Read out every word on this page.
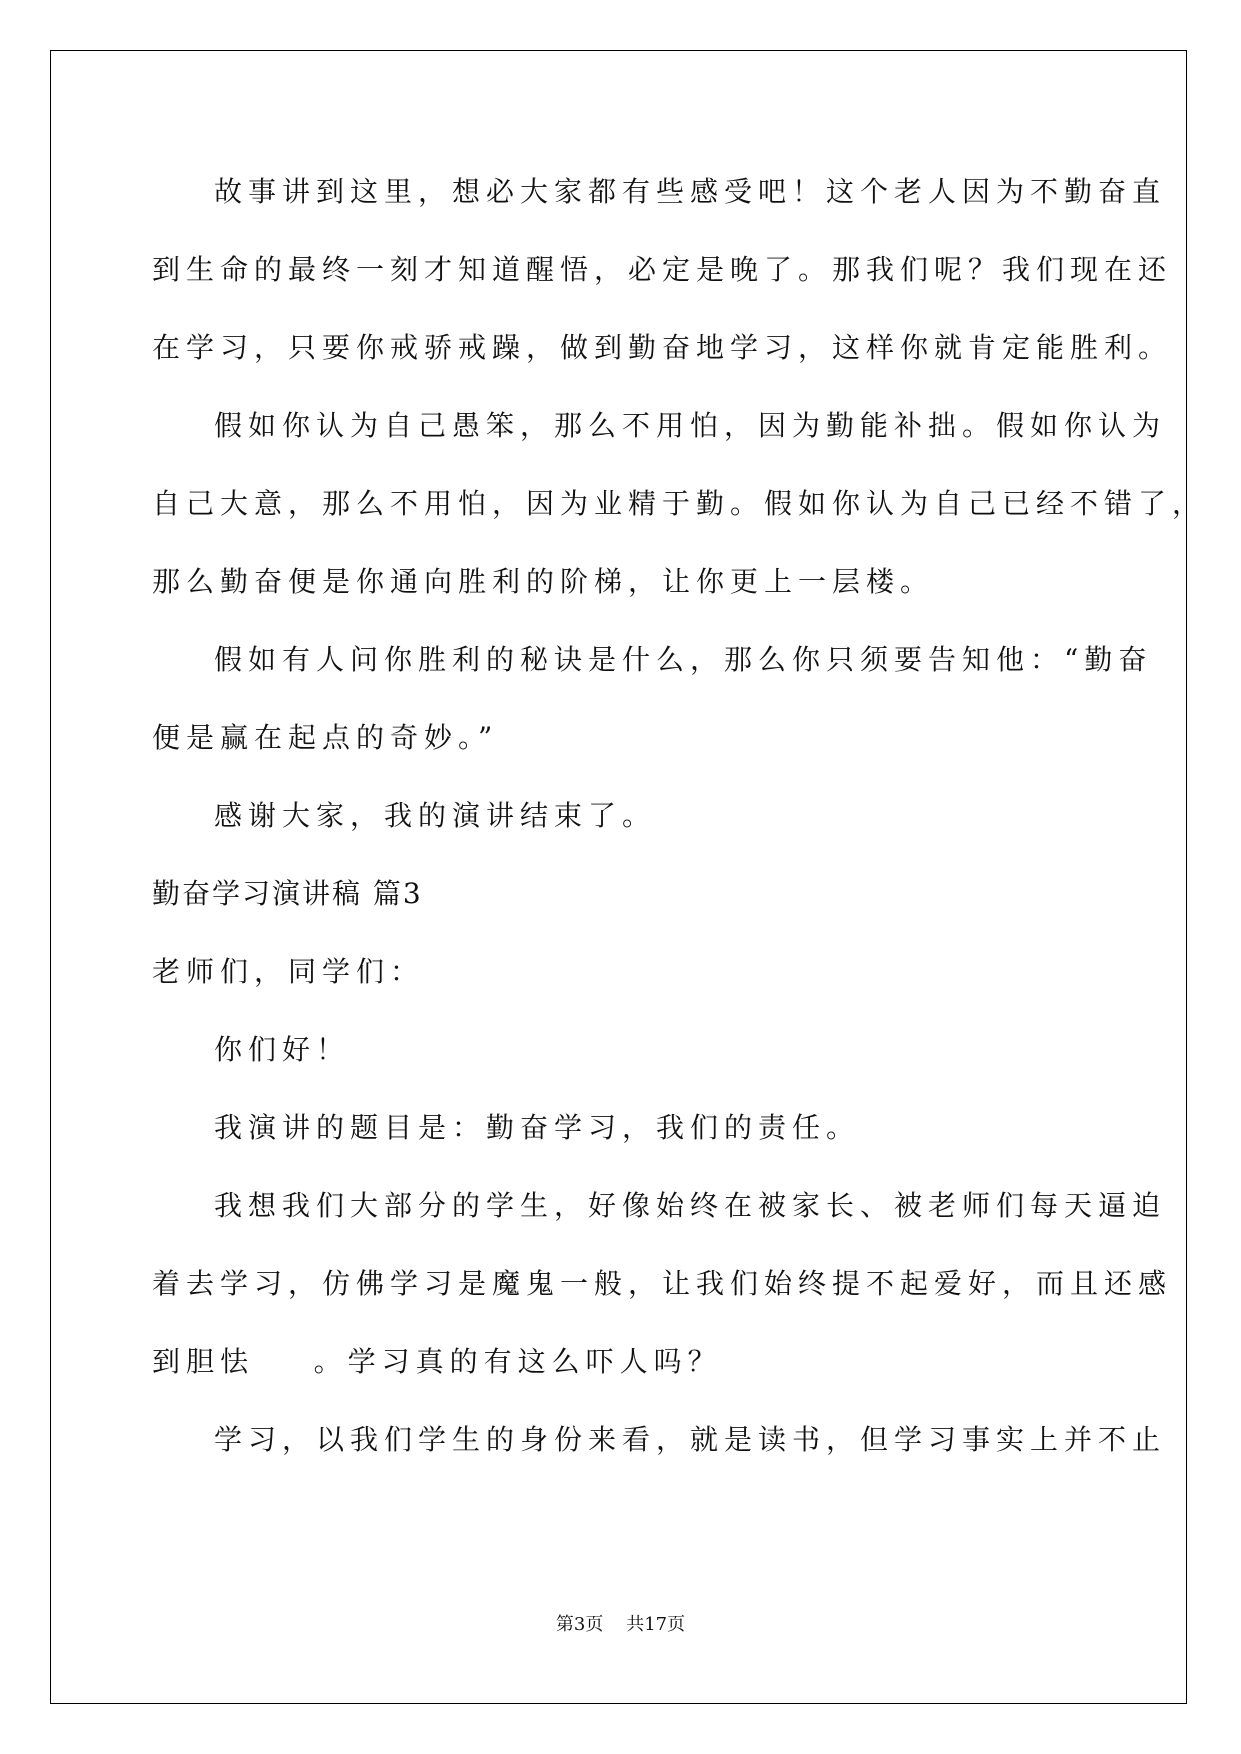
故事讲到这里，想必大家都有些感受吧！这个老人因为不勤奋直
到生命的最终一刻才知道醒悟，必定是晚了。那我们呢？我们现在还
在学习，只要你戒骄戒躁，做到勤奋地学习，这样你就肯定能胜利。
假如你认为自己愚笨，那么不用怕，因为勤能补拙。假如你认为
自己大意，那么不用怕，因为业精于勤。假如你认为自己已经不错了，
那么勤奋便是你通向胜利的阶梯，让你更上一层楼。
假如有人问你胜利的秘诀是什么，那么你只须要告知他：“勤奋
便是赢在起点的奇妙。”
感谢大家，我的演讲结束了。
勤奋学习演讲稿 篇3
老师们，同学们：
你们好！
我演讲的题目是：勤奋学习，我们的责任。
我想我们大部分的学生，好像始终在被家长、被老师们每天逼迫
着去学习，仿佛学习是魔鬼一般，让我们始终提不起爱好，而且还感
到胆怯    。学习真的有这么吓人吗？
学习，以我们学生的身份来看，就是读书，但学习事实上并不止
第3页    共17页
